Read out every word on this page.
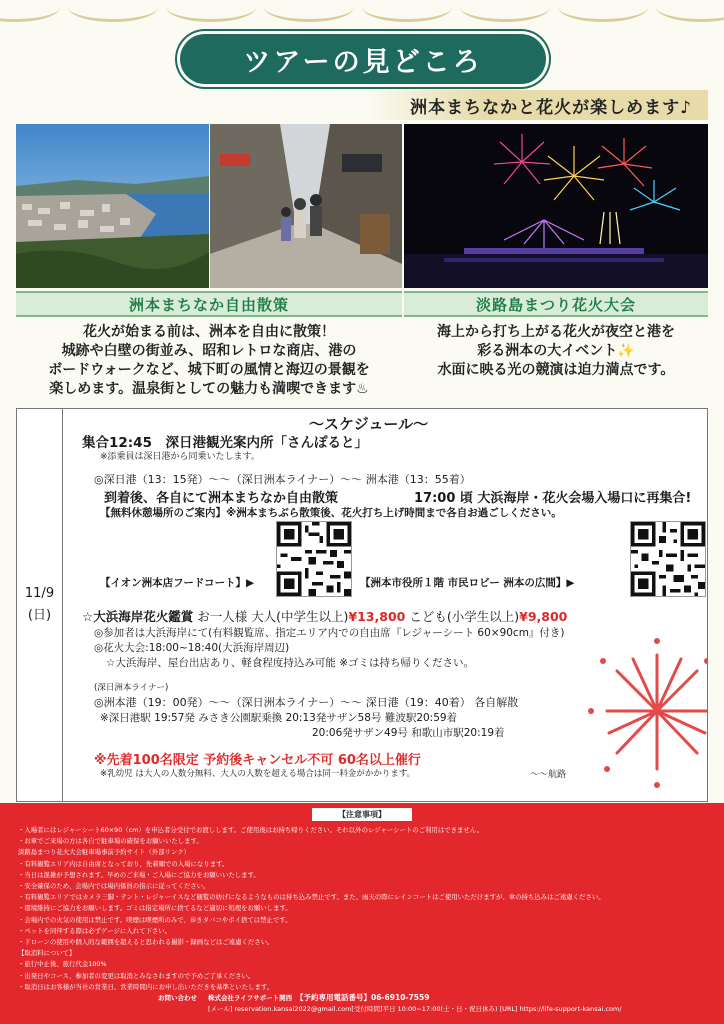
ツアーの見どころ
洲本まちなかと花火が楽しめます♪
洲本まちなか自由散策	淡路島まつり花火大会
花火が始まる前は、洲本を自由に散策！
城跡や白壁の街並み、昭和レトロな商店、港の
ボードウォークなど、城下町の風情と海辺の景観を
楽しめます。温泉街としての魅力も満喫できます♨
海上から打ち上がる花火が夜空と港を
彩る洲本の大イベント✨
水面に映る光の競演は迫力満点です。
11/9
(日)
〜スケジュール〜
集合12:45　深日港観光案内所「さんぽると」
※添乗員は深日港から同乗いたします。
◎深日港（13：15発）〜〜（深日洲本ライナー）〜〜 洲本港（13：55着）
到着後、各自にて洲本まちなか自由散策	17:00 頃 大浜海岸・花火会場入場口に再集合!
【無料休憩場所のご案内】※洲本まちぶら散策後、花火打ち上げ時間まで各自お過ごしください。
【イオン洲本店フードコート】▶	【洲本市役所１階 市民ロビー 洲本の広間】▶
☆大浜海岸花火鑑賞 お一人様 大人(中学生以上)¥13,800 こども(小学生以上)¥9,800
◎参加者は大浜海岸にて(有料観覧席、指定エリア内での自由席『レジャーシート 60×90cm』付き)
◎花火大会:18:00~18:40(大浜海岸周辺)
☆大浜海岸、屋台出店あり、軽食程度持込み可能 ※ゴミは持ち帰りください。
(深日洲本ライナー)
◎洲本港（19：00発）〜〜（深日洲本ライナー）〜〜 深日港（19：40着） 各自解散
※深日港駅 19:57発 みさき公園駅乗換 20:13発サザン58号 難波駅20:59着
20:06発サザン49号 和歌山市駅20:19着
※先着100名限定 予約後キャンセル不可 60名以上催行
※乳幼児 は大人の人数分無料、大人の人数を超える場合は同一料金がかかります。	〜〜航路
【注意事項】
・入場者にはレジャーシート60×90（cm）を申込者分受付でお渡しします。ご使用後はお持ち帰りください。それ以外のレジャーシートのご利用はできません。
・お車でご来場の方は各自で駐車場の確保をお願いいたします。
淡路島まつり花火大会駐車場事前予約サイト（外部リンク）
・有料観覧エリア内は自由席となっており、先着順での入場になります。
・当日は混雑が予想されます。早めのご来場・ご入場にご協力をお願いいたします。
・安全確保のため、会場内では場内係員の指示に従ってください。
・有料観覧エリアではカメラ三脚・テント・レジャーイスなど観覧の妨げになるようなものは持ち込み禁止です。また、雨天の際にレインコートはご使用いただけますが、傘の持ち込みはご遠慮ください。
・環境維持にご協力をお願いします。ゴミは指定場所に捨てるなど適切に処理をお願いします。
・会場内での火気の使用は禁止です。喫煙は喫煙所のみで、歩きタバコやポイ捨ては禁止です。
・ペットを同伴する際は必ずゲージに入れて下さい。
・ドローンの使用や個人的な範囲を超えると思われる撮影・録画などはご遠慮ください。
【取消料について】
・旅行中止後、旅行代金100%
・出発日やコース、参加者の変更は取消とみなされますので予めご了承ください。
・取消日はお客様が当社の営業日、営業時間内にお申し出いただきを基準といたします。
お問い合わせ 株式会社ライフサポート関西 【予約専用電話番号】06-6910-7559
[メール] reservation.kansai2022@gmail.com[受付時間]平日 10:00~17:00(土・日・祝日休み) [URL] https://life-support-kansai.com/
